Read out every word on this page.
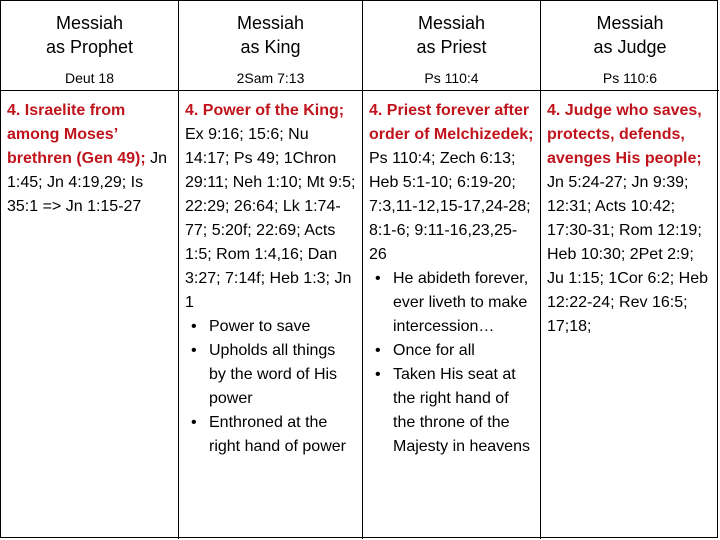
Messiah
as Prophet
Deut 18
Messiah
as King
2Sam 7:13
Messiah
as Priest
Ps 110:4
Messiah
as Judge
Ps 110:6
4. Israelite from among Moses’ brethren (Gen 49); Jn 1:45; Jn 4:19,29; Is 35:1 => Jn 1:15-27
4. Power of the King; Ex 9:16; 15:6; Nu 14:17; Ps 49; 1Chron 29:11; Neh 1:10; Mt 9:5; 22:29; 26:64; Lk 1:74-77; 5:20f; 22:69; Acts 1:5; Rom 1:4,16; Dan 3:27; 7:14f; Heb 1:3; Jn 1
• Power to save
• Upholds all things by the word of His power
• Enthroned at the right hand of power
4. Priest forever after order of Melchizedek; Ps 110:4; Zech 6:13; Heb 5:1-10; 6:19-20; 7:3,11-12,15-17,24-28; 8:1-6; 9:11-16,23,25-26
• He abideth forever, ever liveth to make intercession…
• Once for all
• Taken His seat at the right hand of the throne of the Majesty in heavens
4. Judge who saves, protects, defends, avenges His people; Jn 5:24-27; Jn 9:39; 12:31; Acts 10:42; 17:30-31; Rom 12:19; Heb 10:30; 2Pet 2:9; Ju 1:15; 1Cor 6:2; Heb 12:22-24; Rev 16:5; 17;18;
